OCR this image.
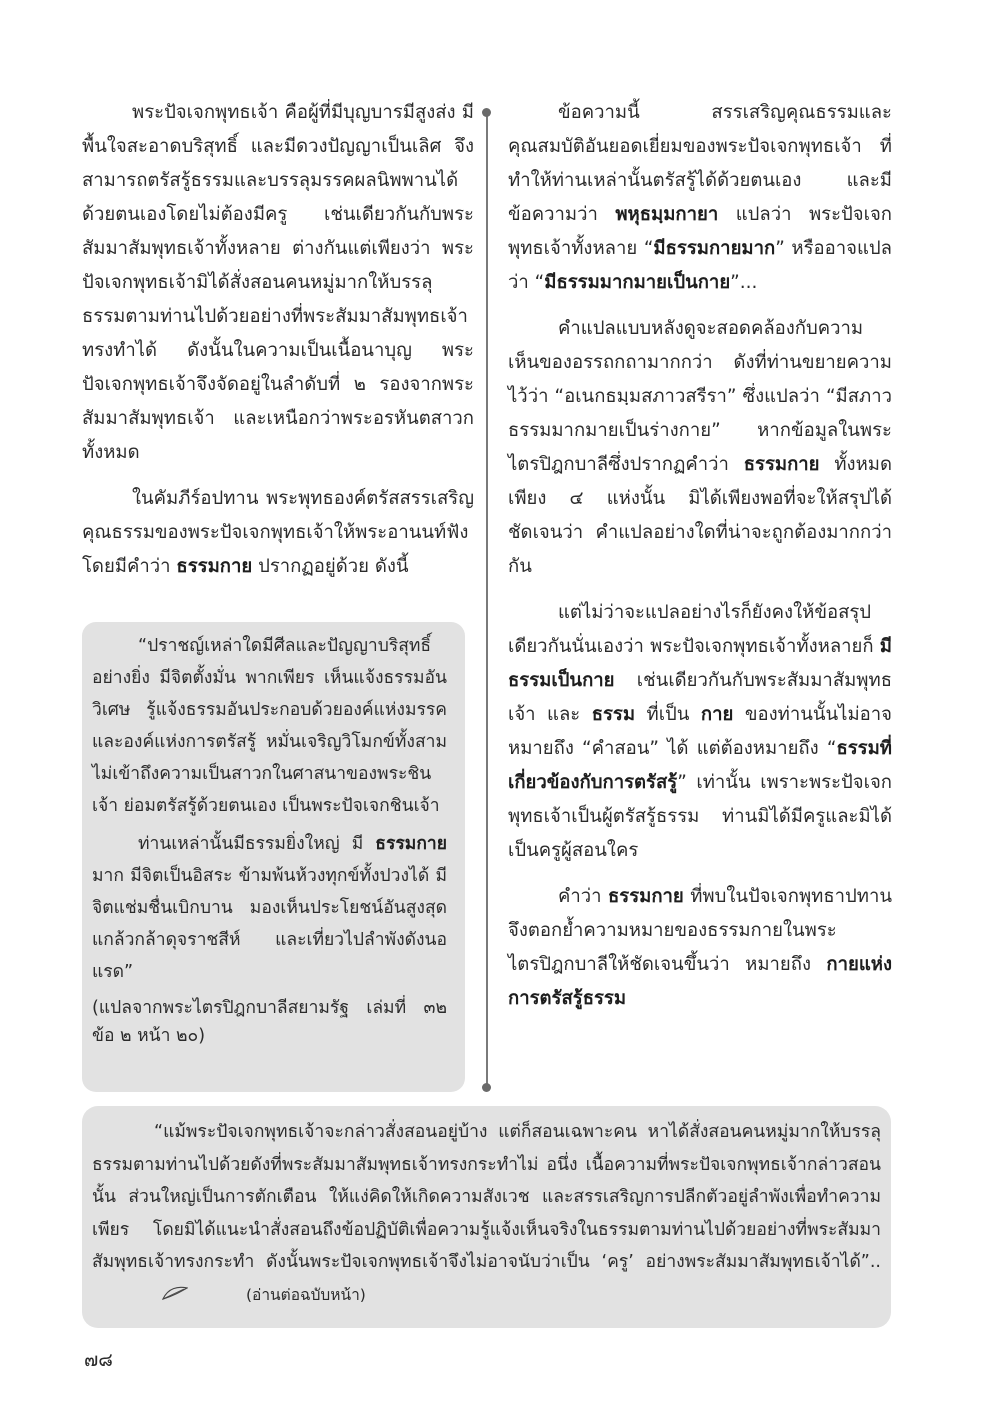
พระปัจเจกพุทธเจ้า คือผู้ที่มีบุญบารมีสูงส่ง มีพื้นใจสะอาดบริสุทธิ์ และมีดวงปัญญาเป็นเลิศ จึงสามารถตรัสรู้ธรรมและบรรลุมรรคผลนิพพานได้ด้วยตนเองโดยไม่ต้องมีครู เช่นเดียวกันกับพระสัมมาสัมพุทธเจ้าทั้งหลาย ต่างกันแต่เพียงว่า พระปัจเจกพุทธเจ้ามิได้สั่งสอนคนหมู่มากให้บรรลุธรรมตามท่านไปด้วยอย่างที่พระสัมมาสัมพุทธเจ้าทรงทำได้ ดังนั้นในความเป็นเนื้อนาบุญ พระปัจเจกพุทธเจ้าจึงจัดอยู่ในลำดับที่ ๒ รองจากพระสัมมาสัมพุทธเจ้า และเหนือกว่าพระอรหันตสาวกทั้งหมด

ในคัมภีร์อปทาน พระพุทธองค์ตรัสสรรเสริญคุณธรรมของพระปัจเจกพุทธเจ้าให้พระอานนท์ฟัง โดยมีคำว่า ธรรมกาย ปรากฏอยู่ด้วย ดังนี้

“ปราชญ์เหล่าใดมีศีลและปัญญาบริสุทธิ์อย่างยิ่ง มีจิตตั้งมั่น พากเพียร เห็นแจ้งธรรมอันวิเศษ รู้แจ้งธรรมอันประกอบด้วยองค์แห่งมรรค และองค์แห่งการตรัสรู้ หมั่นเจริญวิโมกข์ทั้งสาม ไม่เข้าถึงความเป็นสาวกในศาสนาของพระชินเจ้า ย่อมตรัสรู้ด้วยตนเอง เป็นพระปัจเจกชินเจ้า

ท่านเหล่านั้นมีธรรมยิ่งใหญ่ มี ธรรมกายมาก มีจิตเป็นอิสระ ข้ามพ้นห้วงทุกข์ทั้งปวงได้ มีจิตแช่มชื่นเบิกบาน มองเห็นประโยชน์อันสูงสุด แกล้วกล้าดุจราชสีห์ และเที่ยวไปลำพังดังนอแรด”

(แปลจากพระไตรปิฎกบาลีสยามรัฐ เล่มที่ ๓๒ ข้อ ๒ หน้า ๒๐)

ข้อความนี้ สรรเสริญคุณธรรมและคุณสมบัติอันยอดเยี่ยมของพระปัจเจกพุทธเจ้า ที่ทำให้ท่านเหล่านั้นตรัสรู้ได้ด้วยตนเอง และมีข้อความว่า พหุธมฺมกายา แปลว่า พระปัจเจกพุทธเจ้าทั้งหลาย “มีธรรมกายมาก” หรืออาจแปลว่า “มีธรรมมากมายเป็นกาย”...

คำแปลแบบหลังดูจะสอดคล้องกับความเห็นของอรรถกถามากกว่า ดังที่ท่านขยายความไว้ว่า “อเนกธมฺมสภาวสรีรา” ซึ่งแปลว่า “มีสภาวธรรมมากมายเป็นร่างกาย” หากข้อมูลในพระไตรปิฎกบาลีซึ่งปรากฏคำว่า ธรรมกาย ทั้งหมดเพียง ๔ แห่งนั้น มิได้เพียงพอที่จะให้สรุปได้ชัดเจนว่า คำแปลอย่างใดที่น่าจะถูกต้องมากกว่ากัน

แต่ไม่ว่าจะแปลอย่างไรก็ยังคงให้ข้อสรุปเดียวกันนั่นเองว่า พระปัจเจกพุทธเจ้าทั้งหลายก็ มีธรรมเป็นกาย เช่นเดียวกันกับพระสัมมาสัมพุทธเจ้า และ ธรรม ที่เป็น กาย ของท่านนั้นไม่อาจหมายถึง “คำสอน” ได้ แต่ต้องหมายถึง “ธรรมที่เกี่ยวข้องกับการตรัสรู้” เท่านั้น เพราะพระปัจเจกพุทธเจ้าเป็นผู้ตรัสรู้ธรรม ท่านมิได้มีครูและมิได้เป็นครูผู้สอนใคร

คำว่า ธรรมกาย ที่พบในปัจเจกพุทธาปทานจึงตอกย้ำความหมายของธรรมกายในพระไตรปิฎกบาลีให้ชัดเจนขึ้นว่า หมายถึง กายแห่งการตรัสรู้ธรรม

“แม้พระปัจเจกพุทธเจ้าจะกล่าวสั่งสอนอยู่บ้าง แต่ก็สอนเฉพาะคน หาได้สั่งสอนคนหมู่มากให้บรรลุธรรมตามท่านไปด้วยดังที่พระสัมมาสัมพุทธเจ้าทรงกระทำไม่ อนึ่ง เนื้อความที่พระปัจเจกพุทธเจ้ากล่าวสอนนั้น ส่วนใหญ่เป็นการตักเตือน ให้แง่คิดให้เกิดความสังเวช และสรรเสริญการปลีกตัวอยู่ลำพังเพื่อทำความเพียร โดยมิได้แนะนำสั่งสอนถึงข้อปฏิบัติเพื่อความรู้แจ้งเห็นจริงในธรรมตามท่านไปด้วยอย่างที่พระสัมมาสัมพุทธเจ้าทรงกระทำ ดังนั้นพระปัจเจกพุทธเจ้าจึงไม่อาจนับว่าเป็น ‘ครู’ อย่างพระสัมมาสัมพุทธเจ้าได้”..(อ่านต่อฉบับหน้า)

๗๘
